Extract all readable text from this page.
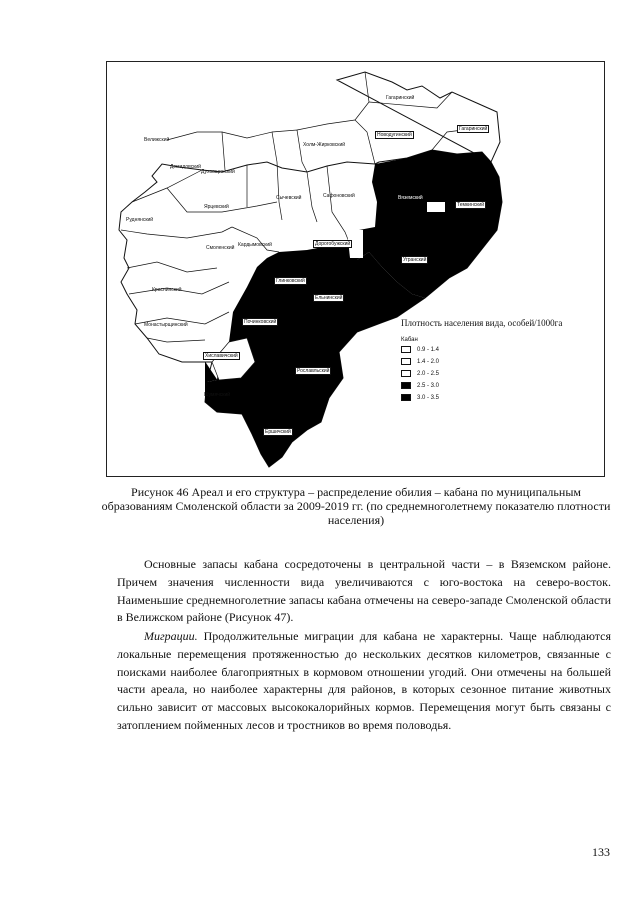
Велижский
Демидовский
Духовщинский
Холм-Жирковский
Сычевский
Новодугинский
Гагаринский
Гагаринский
Руднянский
Ярцевский
Сафоновский	Вяземский
Темкинский
Угранский
Дорогобужский
Смоленский Кардымовский
Глинковский
Краснинский
Ельнинский
Починковский
Монастырщинский
Хиславичский
Рославльский
Шумячский
Ершичский
Плотность населения вида, особей/1000га
Кабан
0.9 - 1.4
1.4 - 2.0
2.0 - 2.5
2.5 - 3.0
3.0 - 3.5
Рисунок 46 Ареал и его структура – распределение обилия – кабана по муниципальным образованиям Смоленской области за 2009-2019 гг. (по среднемноголетнему показателю плотности населения)

Основные запасы кабана сосредоточены в центральной части – в Вяземском районе. Причем значения численности вида увеличиваются с юго-востока на северо-восток. Наименьшие среднемноголетние запасы кабана отмечены на северо-западе Смоленской области в Велижском районе (Рисунок 47).

Миграции. Продолжительные миграции для кабана не характерны. Чаще наблюдаются локальные перемещения протяженностью до нескольких десятков километров, связанные с поисками наиболее благоприятных в кормовом отношении угодий. Они отмечены на большей части ареала, но наиболее характерны для районов, в которых сезонное питание животных сильно зависит от массовых высококалорийных кормов. Перемещения могут быть связаны с затоплением пойменных лесов и тростников во время половодья.

133
